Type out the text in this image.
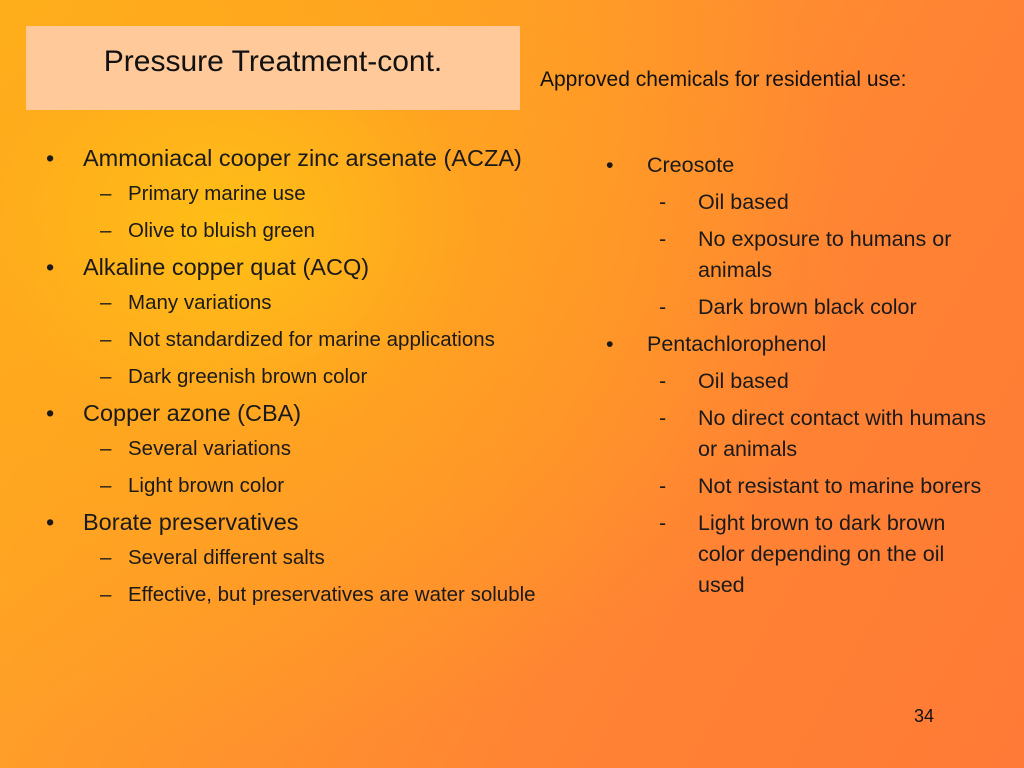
Pressure Treatment-cont.
Approved chemicals for residential use:
•	Ammoniacal cooper zinc arsenate (ACZA)
– Primary marine use
– Olive to bluish green
•	Alkaline copper quat (ACQ)
– Many variations
– Not standardized for marine applications
– Dark greenish brown color
•	Copper azone (CBA)
– Several variations
– Light brown color
•	Borate preservatives
– Several different salts
– Effective, but preservatives are water soluble
•	Creosote
-	Oil based
-	No exposure to humans or animals
-	Dark brown black color
•	Pentachlorophenol
-	Oil based
-	No direct contact with humans or animals
-	Not resistant to marine borers
-	Light brown to dark brown color depending on the oil used
34
